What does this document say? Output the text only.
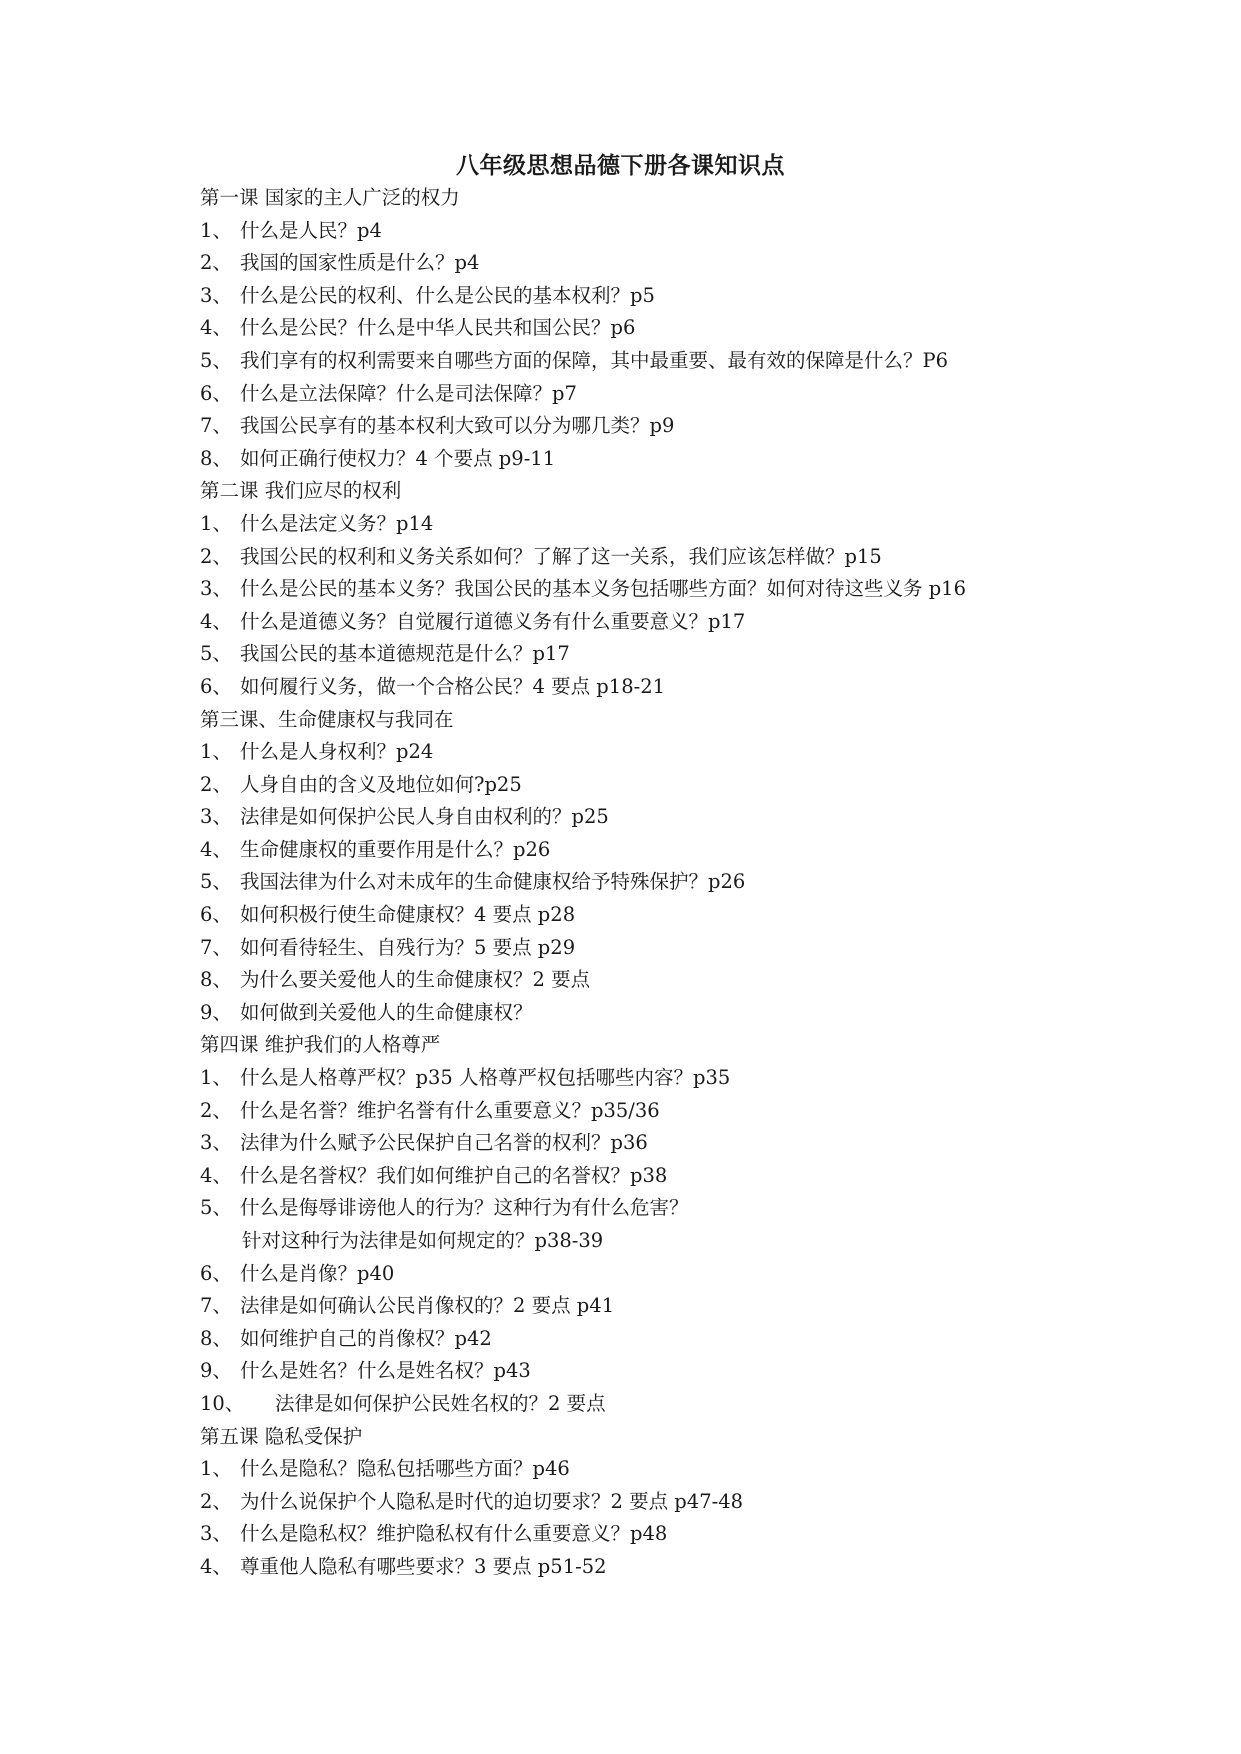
八年级思想品德下册各课知识点
第一课 国家的主人广泛的权力
1、 什么是人民？p4
2、 我国的国家性质是什么？p4
3、 什么是公民的权利、什么是公民的基本权利？p5
4、 什么是公民？什么是中华人民共和国公民？p6
5、 我们享有的权利需要来自哪些方面的保障，其中最重要、最有效的保障是什么？P6
6、 什么是立法保障？什么是司法保障？p7
7、 我国公民享有的基本权利大致可以分为哪几类？p9
8、 如何正确行使权力？4 个要点 p9-11
第二课 我们应尽的权利
1、 什么是法定义务？p14
2、 我国公民的权利和义务关系如何？了解了这一关系，我们应该怎样做？p15
3、 什么是公民的基本义务？我国公民的基本义务包括哪些方面？如何对待这些义务 p16
4、 什么是道德义务？自觉履行道德义务有什么重要意义？p17
5、 我国公民的基本道德规范是什么？p17
6、 如何履行义务，做一个合格公民？4 要点 p18-21
第三课、生命健康权与我同在
1、 什么是人身权利？p24
2、 人身自由的含义及地位如何?p25
3、 法律是如何保护公民人身自由权利的？p25
4、 生命健康权的重要作用是什么？p26
5、 我国法律为什么对未成年的生命健康权给予特殊保护？p26
6、 如何积极行使生命健康权？4 要点 p28
7、 如何看待轻生、自残行为？5 要点 p29
8、 为什么要关爱他人的生命健康权？2 要点
9、 如何做到关爱他人的生命健康权？
第四课 维护我们的人格尊严
1、 什么是人格尊严权？p35 人格尊严权包括哪些内容？p35
2、 什么是名誉？维护名誉有什么重要意义？p35/36
3、 法律为什么赋予公民保护自己名誉的权利？p36
4、 什么是名誉权？我们如何维护自己的名誉权？p38
5、 什么是侮辱诽谤他人的行为？这种行为有什么危害？
针对这种行为法律是如何规定的？p38-39
6、 什么是肖像？p40
7、 法律是如何确认公民肖像权的？2 要点 p41
8、 如何维护自己的肖像权？p42
9、 什么是姓名？什么是姓名权？p43
10、 法律是如何保护公民姓名权的？2 要点
第五课 隐私受保护
1、 什么是隐私？隐私包括哪些方面？p46
2、 为什么说保护个人隐私是时代的迫切要求？2 要点 p47-48
3、 什么是隐私权？维护隐私权有什么重要意义？p48
4、 尊重他人隐私有哪些要求？3 要点 p51-52
